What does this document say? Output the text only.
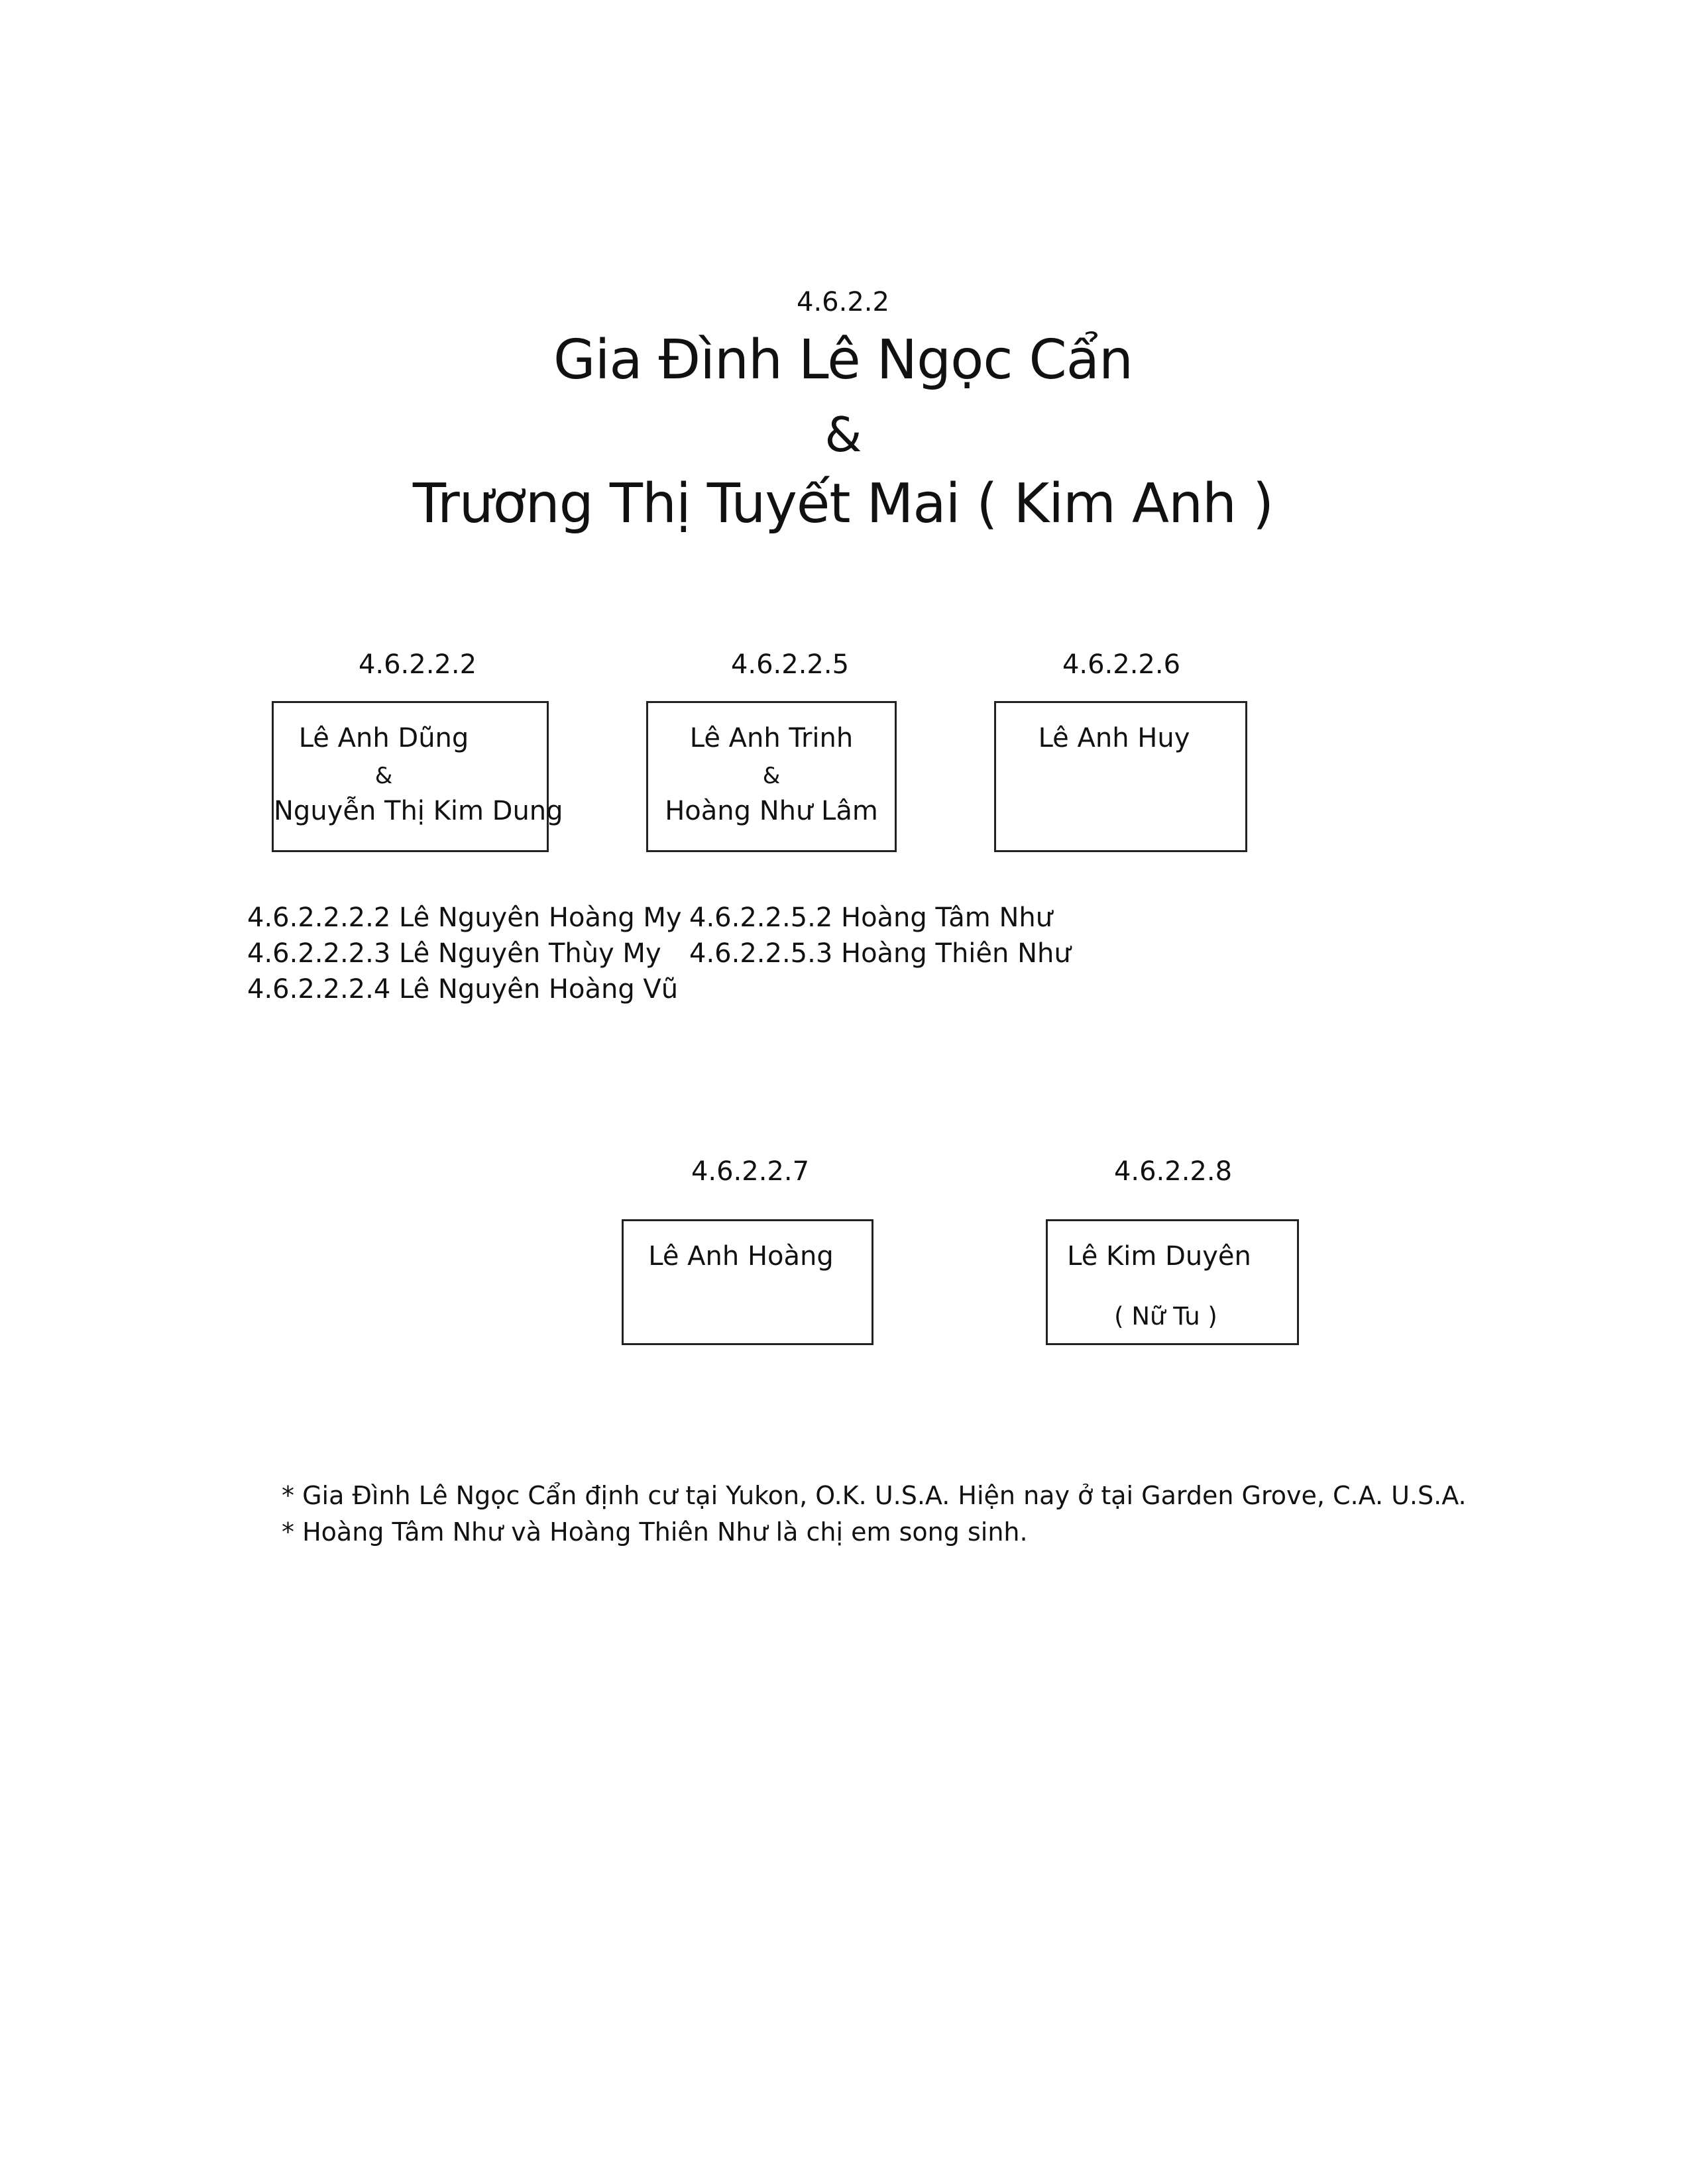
4.6.2.2
Gia Đình Lê Ngọc Cẩn
&
Trương Thị Tuyết Mai ( Kim Anh )
4.6.2.2.2
Lê Anh Dũng
&
Nguyễn Thị Kim Dung
4.6.2.2.5
Lê Anh Trinh
&
Hoàng Như Lâm
4.6.2.2.6
Lê Anh Huy
4.6.2.2.2.2 Lê Nguyên Hoàng My
4.6.2.2.2.3 Lê Nguyên Thùy My
4.6.2.2.2.4 Lê Nguyên Hoàng Vũ
4.6.2.2.5.2 Hoàng Tâm Như
4.6.2.2.5.3 Hoàng Thiên Như
4.6.2.2.7
Lê Anh Hoàng
4.6.2.2.8
Lê Kim Duyên
( Nữ Tu )
* Gia Đình Lê Ngọc Cẩn định cư tại Yukon, O.K. U.S.A. Hiện nay ở tại Garden Grove, C.A. U.S.A.
* Hoàng Tâm Như và Hoàng Thiên Như là chị em song sinh.
